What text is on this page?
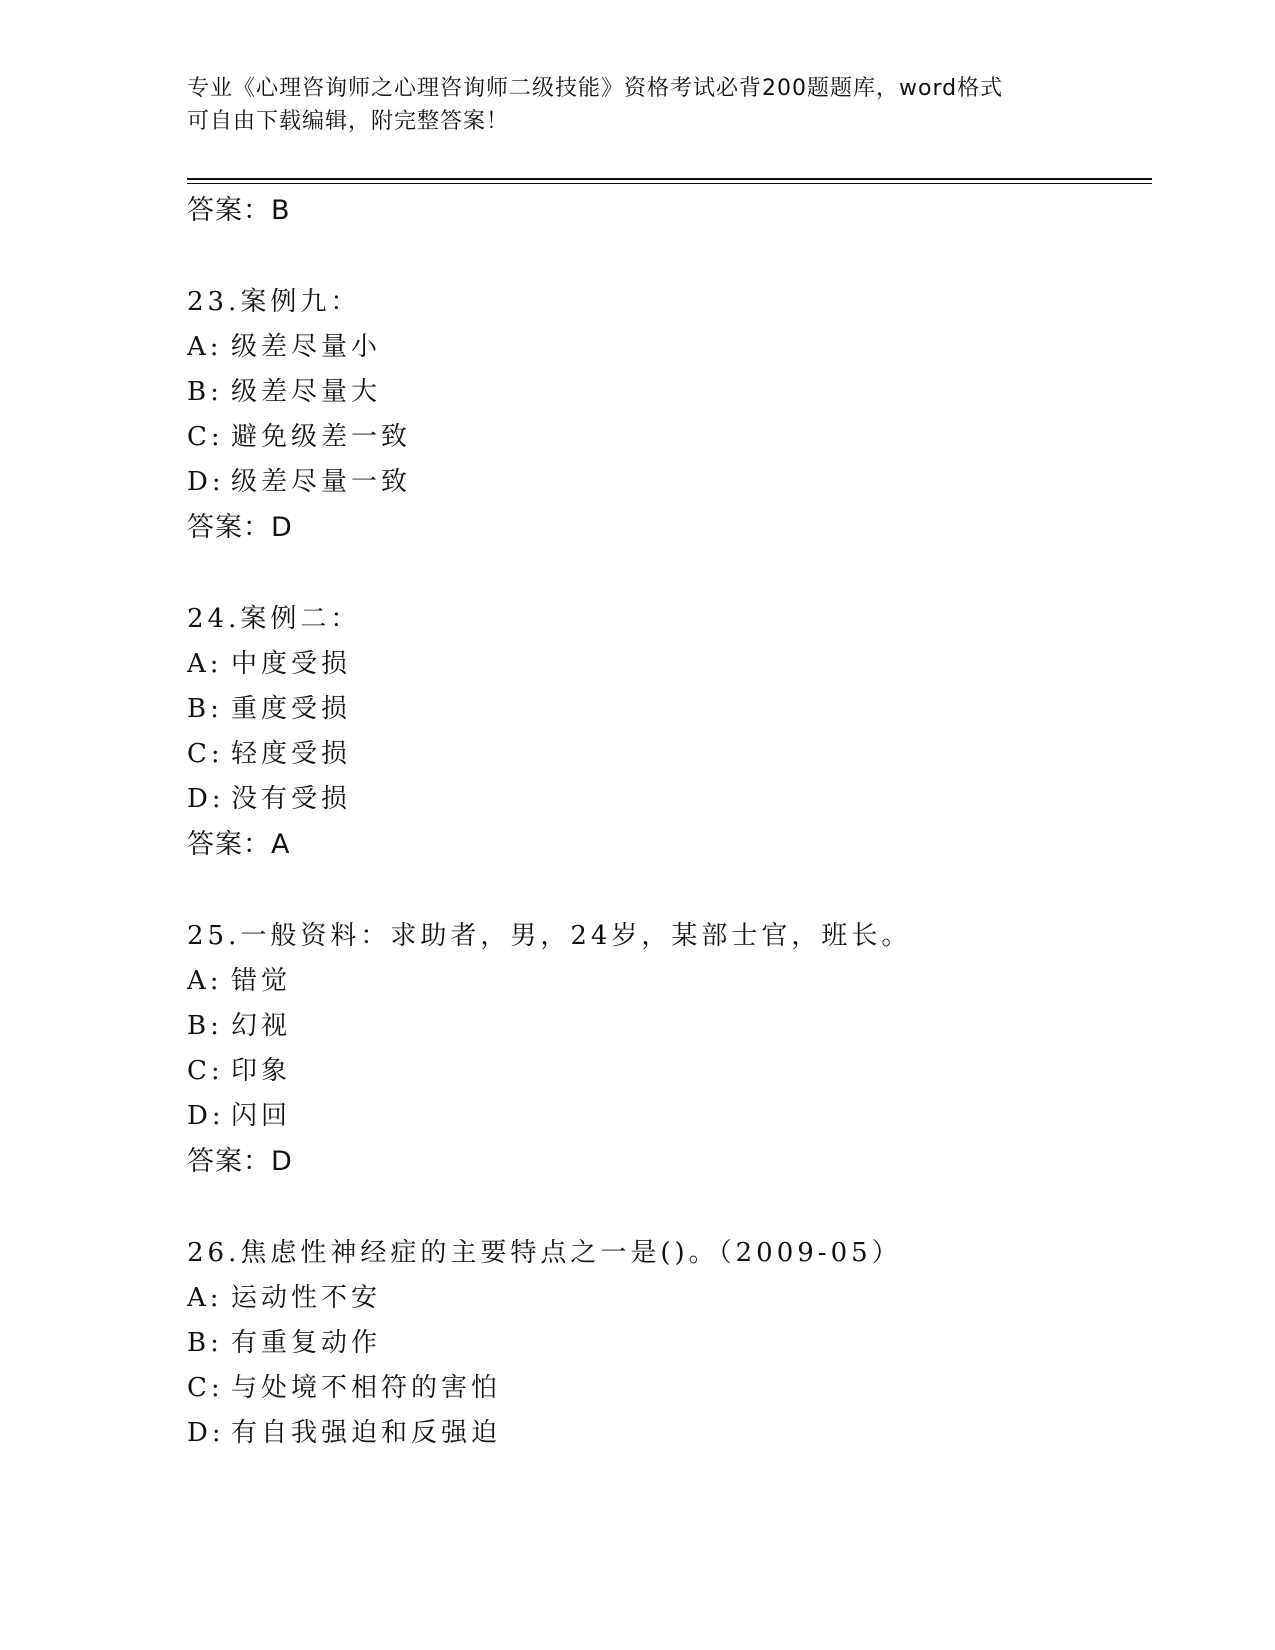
专业《心理咨询师之心理咨询师二级技能》资格考试必背200题题库，word格式
可自由下载编辑，附完整答案！
答案：B
23.案例九：
A: 级差尽量小
B: 级差尽量大
C: 避免级差一致
D: 级差尽量一致
答案：D
24.案例二：
A: 中度受损
B: 重度受损
C: 轻度受损
D: 没有受损
答案：A
25.一般资料：求助者，男，24岁，某部士官，班长。
A: 错觉
B: 幻视
C: 印象
D: 闪回
答案：D
26.焦虑性神经症的主要特点之一是()。（2009-05）
A: 运动性不安
B: 有重复动作
C: 与处境不相符的害怕
D: 有自我强迫和反强迫
